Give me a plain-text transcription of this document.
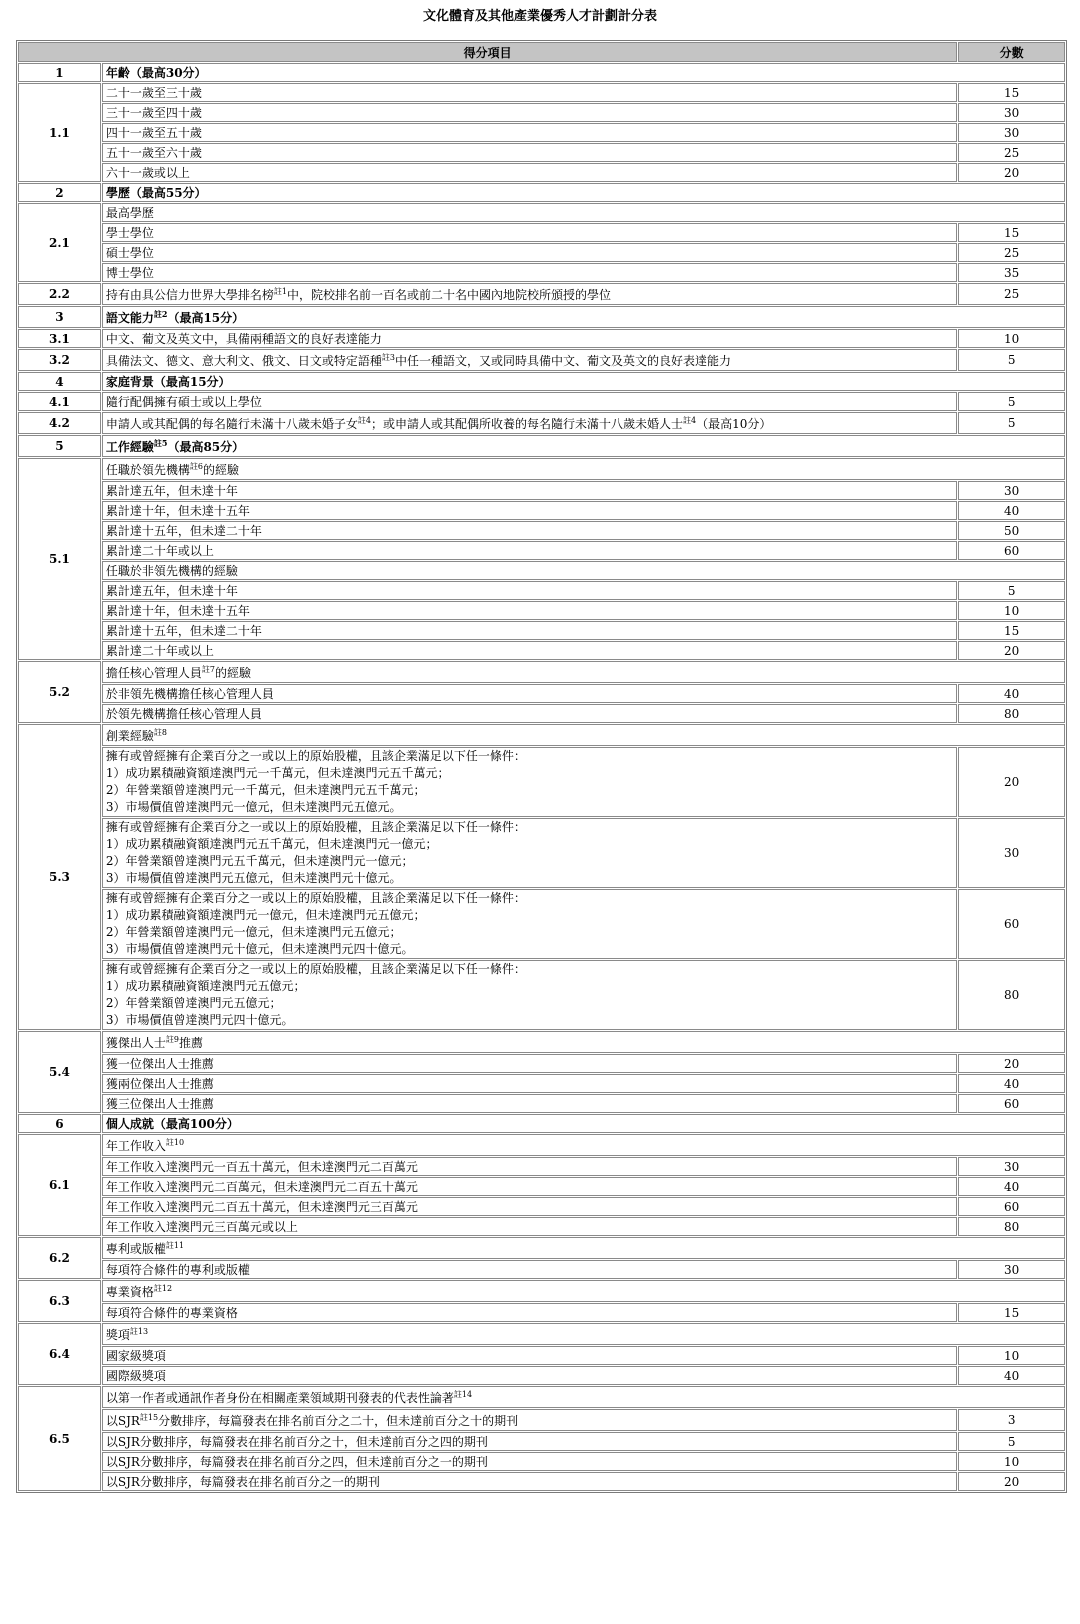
文化體育及其他產業優秀人才計劃計分表
得分項目		分數
1	年齡（最高30分）	
1.1	二十一歲至三十歲	15
	三十一歲至四十歲	30
	四十一歲至五十歲	30
	五十一歲至六十歲	25
	六十一歲或以上	20
2	學歷（最高55分）	
2.1	最高學歷	
	學士學位	15
	碩士學位	25
	博士學位	35
2.2	持有由具公信力世界大學排名榜$^{註1}$中，院校排名前一百名或前二十名中國內地院校所頒授的學位	25
3	語文能力$^{註2}$（最高15分）	
3.1	中文、葡文及英文中，具備兩種語文的良好表達能力	10
3.2	具備法文、德文、意大利文、俄文、日文或特定語種$^{註3}$中任一種語文，又或同時具備中文、葡文及英文的良好表達能力	5
4	家庭背景（最高15分）	
4.1	隨行配偶擁有碩士或以上學位	5
4.2	申請人或其配偶的每名隨行未滿十八歲未婚子女$^{註4}$；或申請人或其配偶所收養的每名隨行未滿十八歲未婚人士$^{註4}$（最高10分）	5
5	工作經驗$^{註5}$（最高85分）	
5.1	任職於領先機構$^{註6}$的經驗	
	累計達五年，但未達十年	30
	累計達十年，但未達十五年	40
	累計達十五年，但未達二十年	50
	累計達二十年或以上	60
	任職於非領先機構的經驗	
	累計達五年，但未達十年	5
	累計達十年，但未達十五年	10
	累計達十五年，但未達二十年	15
	累計達二十年或以上	20
5.2	擔任核心管理人員$^{註7}$的經驗	
	於非領先機構擔任核心管理人員	40
	於領先機構擔任核心管理人員	80
5.3	創業經驗$^{註8}$

	擁有或曾經擁有企業百分之一或以上的原始股權，且該企業滿足以下任一條件：
1）成功累積融資額達澳門元一千萬元，但未達澳門元五千萬元；
2）年營業額曾達澳門元一千萬元，但未達澳門元五千萬元；
3）市場價值曾達澳門元一億元，但未達澳門元五億元。	20

	擁有或曾經擁有企業百分之一或以上的原始股權，且該企業滿足以下任一條件：
1）成功累積融資額達澳門元五千萬元，但未達澳門元一億元；
2）年營業額曾達澳門元五千萬元，但未達澳門元一億元；
3）市場價值曾達澳門元五億元，但未達澳門元十億元。	30

	擁有或曾經擁有企業百分之一或以上的原始股權，且該企業滿足以下任一條件：
1）成功累積融資額達澳門元一億元，但未達澳門元五億元；
2）年營業額曾達澳門元一億元，但未達澳門元五億元；
3）市場價值曾達澳門元十億元，但未達澳門元四十億元。	60

	擁有或曾經擁有企業百分之一或以上的原始股權，且該企業滿足以下任一條件：
1）成功累積融資額達澳門元五億元；
2）年營業額曾達澳門元五億元；
3）市場價值曾達澳門元四十億元。	80
5.4	獲傑出人士$^{註9}$推薦	
	獲一位傑出人士推薦	20
	獲兩位傑出人士推薦	40
	獲三位傑出人士推薦	60
6	個人成就（最高100分）	
6.1	年工作收入$^{註10}$
	年工作收入達澳門元一百五十萬元，但未達澳門元二百萬元	30
	年工作收入達澳門元二百萬元，但未達澳門元二百五十萬元	40
	年工作收入達澳門元二百五十萬元，但未達澳門元三百萬元	60
	年工作收入達澳門元三百萬元或以上	80
6.2	專利或版權$^{註11}$
	每項符合條件的專利或版權	30
6.3	專業資格$^{註12}$
	每項符合條件的專業資格	15
6.4	獎項$^{註13}$
	國家級獎項	10
	國際級獎項	40
6.5	以第一作者或通訊作者身份在相關產業領域期刊發表的代表性論著$^{註14}$
	以SJR$^{註15}$分數排序，每篇發表在排名前百分之二十，但未達前百分之十的期刊	3
	以SJR分數排序，每篇發表在排名前百分之十，但未達前百分之四的期刊	5
	以SJR分數排序，每篇發表在排名前百分之四，但未達前百分之一的期刊	10
	以SJR分數排序，每篇發表在排名前百分之一的期刊	20
